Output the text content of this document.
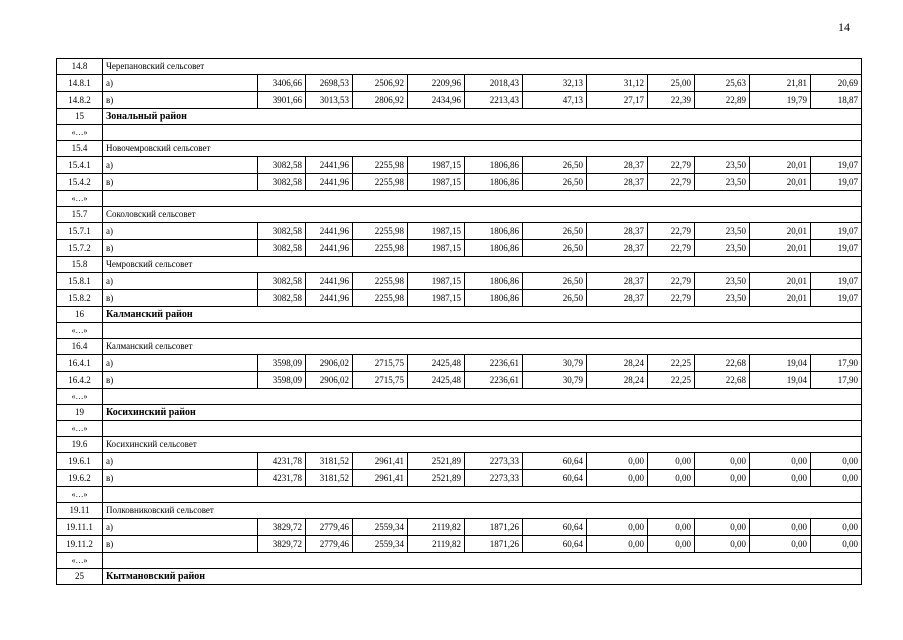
14
14.8	Черепановский сельсовет											
14.8.1	а)	3406,66	2698,53	2506,92	2209,96	2018,43	32,13	31,12	25,00	25,63	21,81	20,69
14.8.2	в)	3901,66	3013,53	2806,92	2434,96	2213,43	47,13	27,17	22,39	22,89	19,79	18,87
15	Зональный район											
«…»												
15.4	Новочемровский сельсовет											
15.4.1	а)	3082,58	2441,96	2255,98	1987,15	1806,86	26,50	28,37	22,79	23,50	20,01	19,07
15.4.2	в)	3082,58	2441,96	2255,98	1987,15	1806,86	26,50	28,37	22,79	23,50	20,01	19,07
«…»												
15.7	Соколовский сельсовет											
15.7.1	а)	3082,58	2441,96	2255,98	1987,15	1806,86	26,50	28,37	22,79	23,50	20,01	19,07
15.7.2	в)	3082,58	2441,96	2255,98	1987,15	1806,86	26,50	28,37	22,79	23,50	20,01	19,07
15.8	Чемровский сельсовет											
15.8.1	а)	3082,58	2441,96	2255,98	1987,15	1806,86	26,50	28,37	22,79	23,50	20,01	19,07
15.8.2	в)	3082,58	2441,96	2255,98	1987,15	1806,86	26,50	28,37	22,79	23,50	20,01	19,07
16	Калманский район											
«…»												
16.4	Калманский сельсовет											
16.4.1	а)	3598,09	2906,02	2715,75	2425,48	2236,61	30,79	28,24	22,25	22,68	19,04	17,90
16.4.2	в)	3598,09	2906,02	2715,75	2425,48	2236,61	30,79	28,24	22,25	22,68	19,04	17,90
«…»												
19	Косихинский район											
«…»												
19.6	Косихинский сельсовет											
19.6.1	а)	4231,78	3181,52	2961,41	2521,89	2273,33	60,64	0,00	0,00	0,00	0,00	0,00
19.6.2	в)	4231,78	3181,52	2961,41	2521,89	2273,33	60,64	0,00	0,00	0,00	0,00	0,00
«…»												
19.11	Полковниковский сельсовет											
19.11.1	а)	3829,72	2779,46	2559,34	2119,82	1871,26	60,64	0,00	0,00	0,00	0,00	0,00
19.11.2	в)	3829,72	2779,46	2559,34	2119,82	1871,26	60,64	0,00	0,00	0,00	0,00	0,00
«…»												
25	Кытмановский район											
